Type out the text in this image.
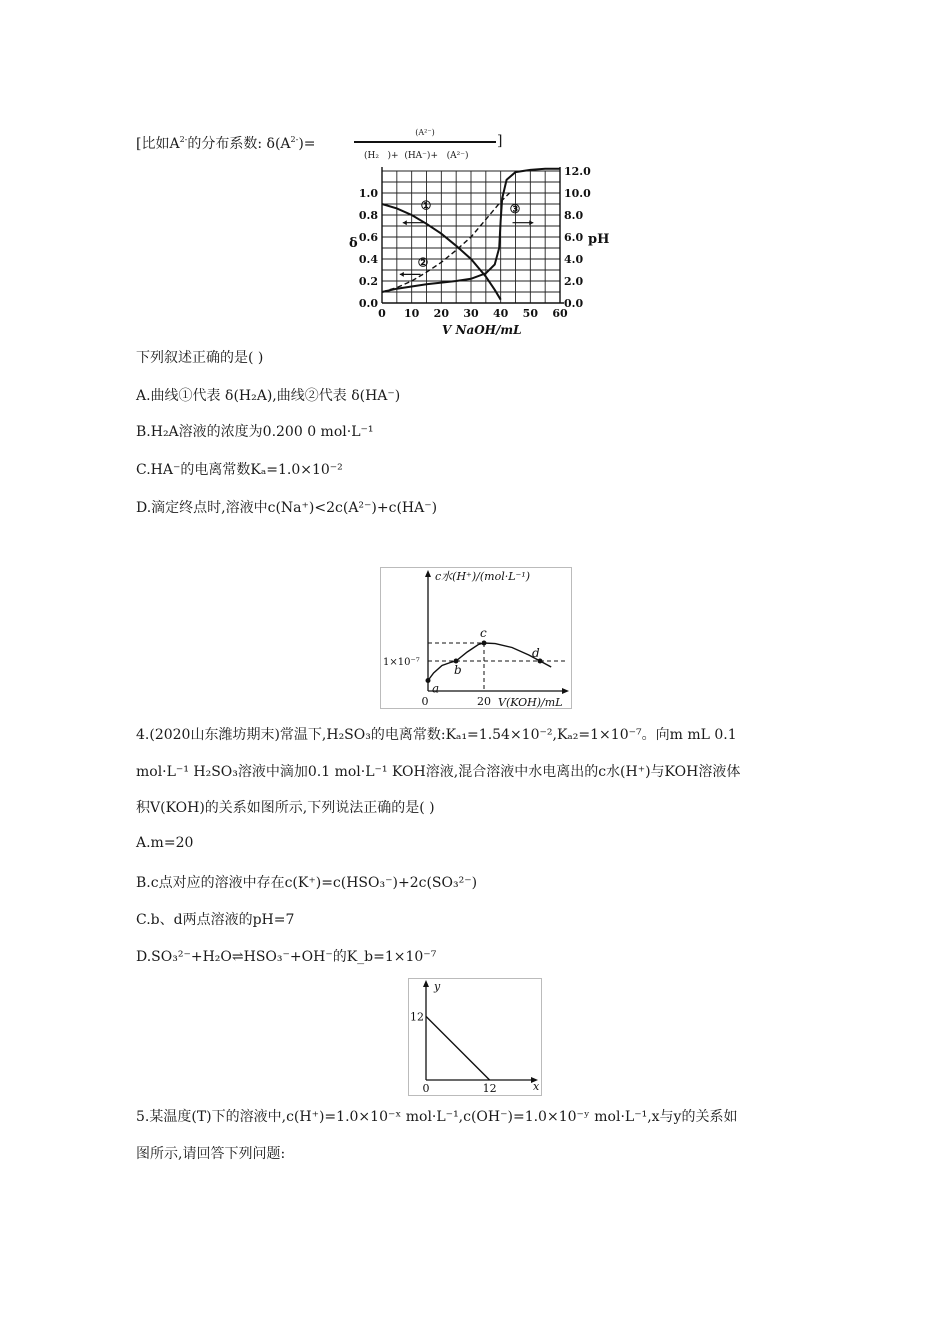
[比如$A^{2-}$的分布系数: $\delta(A^{2-})=$
(A²⁻)
(H₂   )+  (HA⁻)+   (A²⁻)
]
0 10 20 30 40 50 60
0.0
0.2
0.4
0.6
0.8
1.0
0.0
2.0
4.0
6.0
8.0
10.0
12.0
δ	pH
V NaOH/mL
①
②
③
下列叙述正确的是( )
A.曲线①代表 δ(H₂A),曲线②代表 δ(HA⁻)
B.H₂A溶液的浓度为0.200 0 mol·L⁻¹
C.HA⁻的电离常数Kₐ=1.0×10⁻²
D.滴定终点时,溶液中c(Na⁺)<2c(A²⁻)+c(HA⁻)
c水(H⁺)/(mol·L⁻¹)
V(KOH)/mL
0	20
1×10⁻⁷
a
b
c
d
4.(2020山东潍坊期末)常温下,H₂SO₃的电离常数:Kₐ₁=1.54×10⁻²,Kₐ₂=1×10⁻⁷。向m mL 0.1
mol·L⁻¹ H₂SO₃溶液中滴加0.1 mol·L⁻¹ KOH溶液,混合溶液中水电离出的c水(H⁺)与KOH溶液体
积V(KOH)的关系如图所示,下列说法正确的是( )
A.m=20
B.c点对应的溶液中存在c(K⁺)=c(HSO₃⁻)+2c(SO₃²⁻)
C.b、d两点溶液的pH=7
D.SO₃²⁻+H₂O⇌HSO₃⁻+OH⁻的K_b=1×10⁻⁷
y
x
0	12
12
5.某温度(T)下的溶液中,c(H⁺)=1.0×10⁻ˣ mol·L⁻¹,c(OH⁻)=1.0×10⁻ʸ mol·L⁻¹,x与y的关系如
图所示,请回答下列问题:
